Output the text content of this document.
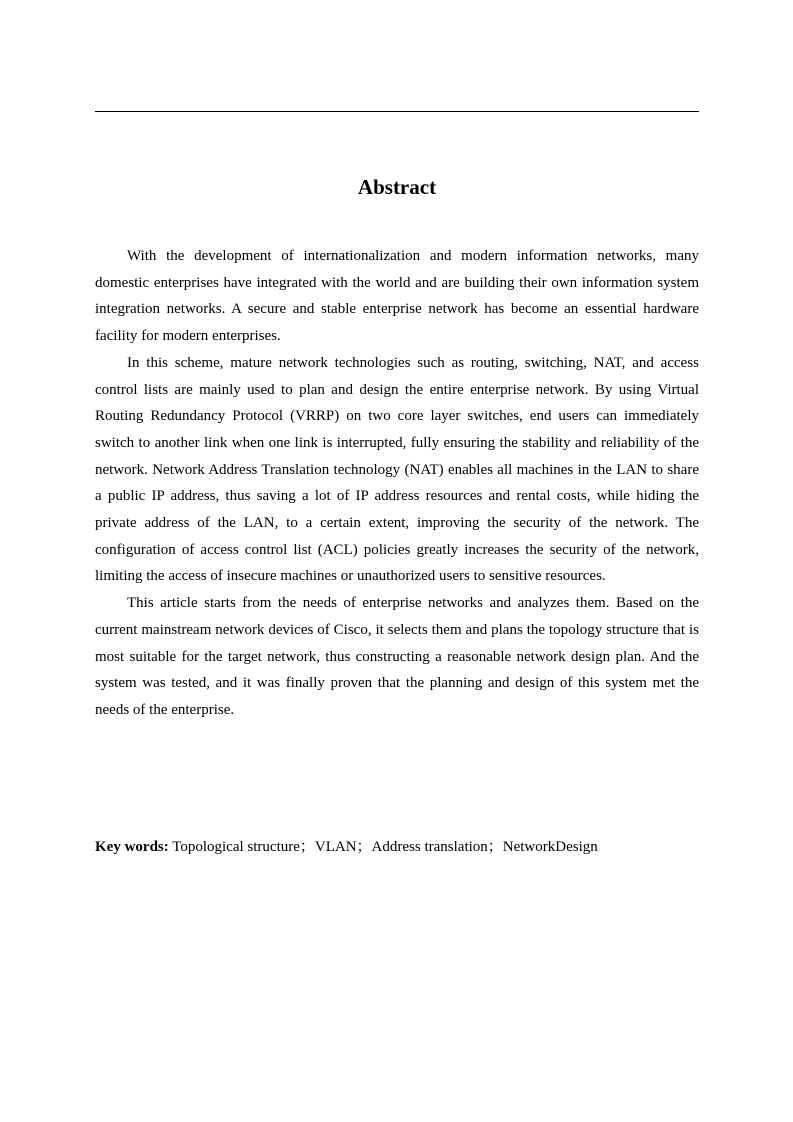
Abstract

With the development of internationalization and modern information networks, many domestic enterprises have integrated with the world and are building their own information system integration networks. A secure and stable enterprise network has become an essential hardware facility for modern enterprises.

In this scheme, mature network technologies such as routing, switching, NAT, and access control lists are mainly used to plan and design the entire enterprise network. By using Virtual Routing Redundancy Protocol (VRRP) on two core layer switches, end users can immediately switch to another link when one link is interrupted, fully ensuring the stability and reliability of the network. Network Address Translation technology (NAT) enables all machines in the LAN to share a public IP address, thus saving a lot of IP address resources and rental costs, while hiding the private address of the LAN, to a certain extent, improving the security of the network. The configuration of access control list (ACL) policies greatly increases the security of the network, limiting the access of insecure machines or unauthorized users to sensitive resources.

This article starts from the needs of enterprise networks and analyzes them. Based on the current mainstream network devices of Cisco, it selects them and plans the topology structure that is most suitable for the target network, thus constructing a reasonable network design plan. And the system was tested, and it was finally proven that the planning and design of this system met the needs of the enterprise.

Key words: Topological structure；VLAN；Address translation；NetworkDesign
